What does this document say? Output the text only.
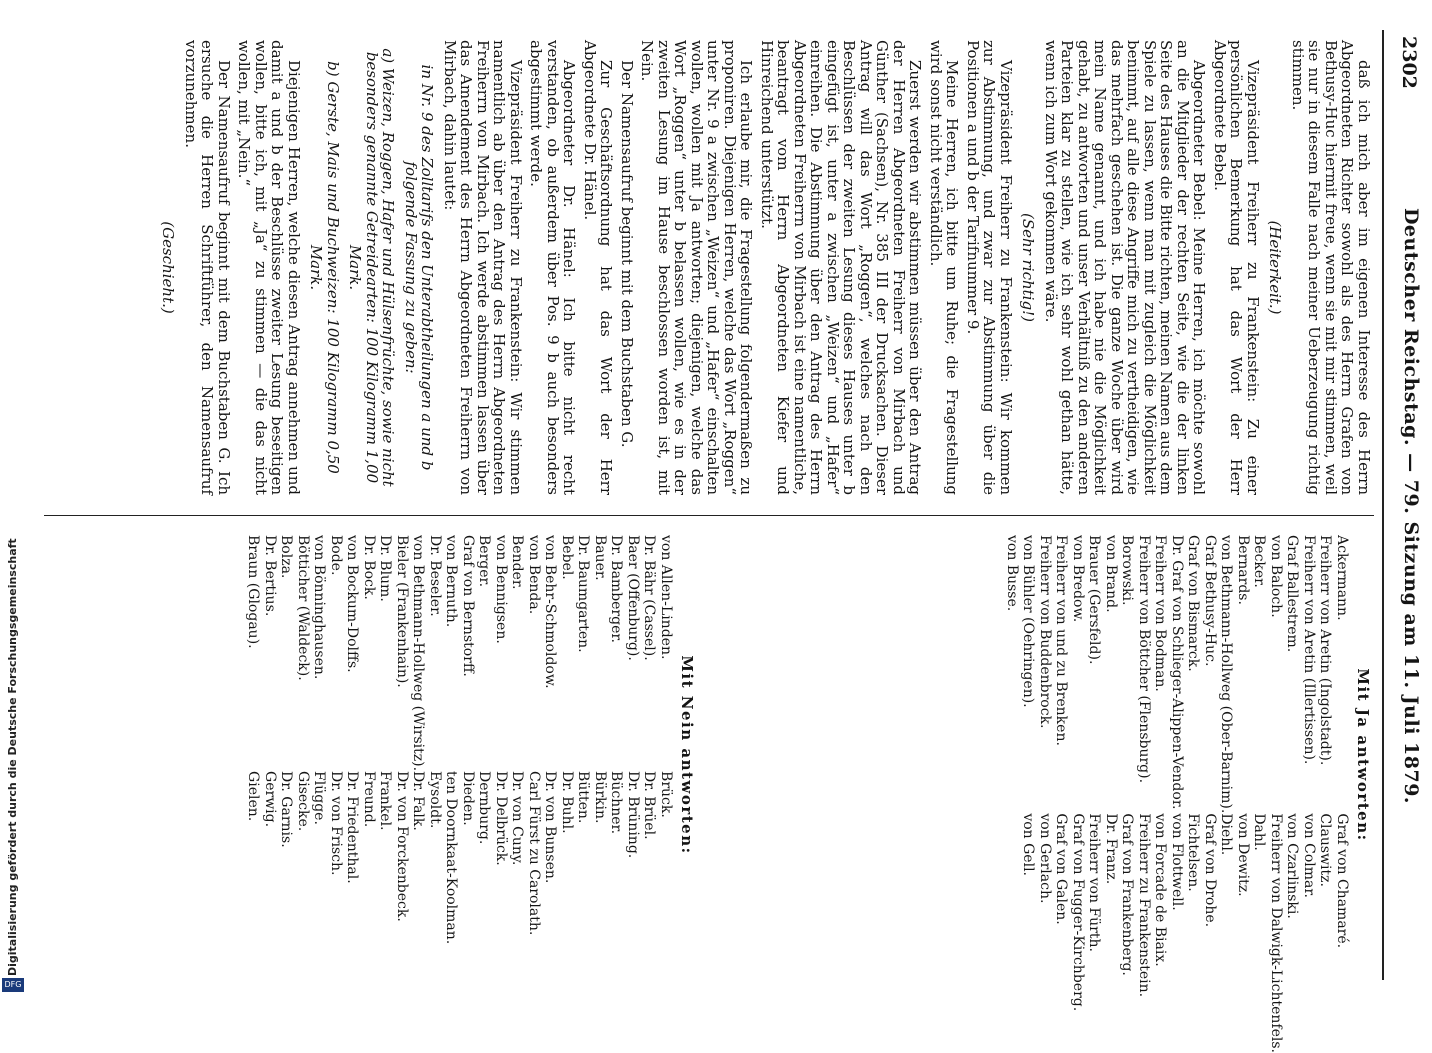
Digitalisierung gefördert durch die Deutsche Forschungsgemeinschaft
DFG
2302
Deutscher Reichstag. — 79. Sitzung am 11. Juli 1879.

daß ich mich aber im eigenen Interesse des Herrn Abgeordneten Richter sowohl als des Herrn Grafen von Bethusy-Huc hiermit freue, wenn sie mit mir stimmen, weil sie nur in diesem Falle nach meiner Ueberzeugung richtig stimmen.

(Heiterkeit.)

Vizepräsident Freiherr zu Frankenstein: Zu einer persönlichen Bemerkung hat das Wort der Herr Abgeordnete Bebel.

Abgeordneter Bebel: Meine Herren, ich möchte sowohl an die Mitglieder der rechten Seite, wie die der linken Seite des Hauses die Bitte richten, meinen Namen aus dem Spiele zu lassen, wenn man mit zugleich die Möglichkeit benimmt, auf alle diese Angriffe mich zu vertheidigen, wie das mehrfach geschehen ist. Die ganze Woche über wird mein Name genannt, und ich habe nie die Möglichkeit gehabt, zu antworten und unser Verhältniß zu den anderen Parteien klar zu stellen, wie ich sehr wohl gethan hätte, wenn ich zum Wort gekommen wäre.

(Sehr richtig!)

Vizepräsident Freiherr zu Frankenstein: Wir kommen zur Abstimmung, und zwar zur Abstimmung über die Positionen a und b der Tarifnummer 9.

Meine Herren, ich bitte um Ruhe; die Fragestellung wird sonst nicht verständlich.

Zuerst werden wir abstimmen müssen über den Antrag der Herren Abgeordneten Freiherr von Mirbach und Günther (Sachsen), Nr. 385 III der Drucksachen. Dieser Antrag will das Wort „Roggen“, welches nach den Beschlüssen der zweiten Lesung dieses Hauses unter b eingefügt ist, unter a zwischen „Weizen“ und „Hafer“ einreihen. Die Abstimmung über den Antrag des Herrn Abgeordneten Freiherrn von Mirbach ist eine namentliche, beantragt vom Herrn Abgeordneten Kiefer und Hinreichend unterstützt.

Ich erlaube mir, die Fragestellung folgendermaßen zu proponiren. Diejenigen Herren, welche das Wort „Roggen“ unter Nr. 9 a zwischen „Weizen“ und „Hafer“ einschalten wollen, wollen mit Ja antworten; diejenigen, welche das Wort „Roggen“ unter b belassen wollen, wie es in der zweiten Lesung im Hause beschlossen worden ist, mit Nein.

Der Namensaufruf beginnt mit dem Buchstaben G.

Zur Geschäftsordnung hat das Wort der Herr Abgeordnete Dr. Hänel.

Abgeordneter Dr. Hänel: Ich bitte nicht recht verstanden, ob außerdem über Pos. 9 b auch besonders abgestimmt werde.

Vizepräsident Freiherr zu Frankenstein: Wir stimmen namentlich ab über den Antrag des Herrn Abgeordneten Freiherrn von Mirbach. Ich werde abstimmen lassen über das Amendement des Herrn Abgeordneten Freiherrn von Mirbach, dahin lautet:

in Nr. 9 des Zolltarifs den Unterabtheilungen a und b folgende Fassung zu geben:

a) Weizen, Roggen, Hafer und Hülsenfrüchte, sowie nicht besonders genannte Getreidearten: 100 Kilogramm 1,00 Mark.

b) Gerste, Mais und Buchweizen: 100 Kilogramm 0,50 Mark.

Diejenigen Herren, welche diesen Antrag annehmen und damit a und b der Beschlüsse zweiter Lesung beseitigen wollen, bitte ich, mit „Ja“ zu stimmen — die das nicht wollen, mit „Nein.“

Der Namensaufruf beginnt mit dem Buchstaben G. Ich ersuche die Herren Schriftführer, den Namensaufruf vorzunehmen.

(Geschieht.)

Mit Ja antworten:
Ackermann.
Freiherr von Aretin (Ingolstadt).
Freiherr von Aretin (Illertissen).
Graf Ballestrem.
von Baloch.
Becker.
Bernards.
von Bethmann-Hollweg (Ober-Barnim).
Graf Bethusy-Huc.
Graf von Bismarck.
Dr. Graf von Schlieger-Alippen-Vendor.
Freiherr von Bodman.
Freiherr von Böttcher (Flensburg).
Borowski.
von Brand.
Brauer (Gersfeld).
von Bredow.
Freiherr von und zu Brenken.
Freiherr von Buddenbrock.
von Bühler (Oehringen).
von Busse.
Graf von Chamaré.
Clauswitz.
von Colmar.
von Czarlinski.
Freiherr von Dalwigk-Lichtenfels.
Dahl.
von Dewitz.
Diehl.
Graf von Drohe.
Fichtelsen.
von Flottwell.
von Forcade de Biaix.
Freiherr zu Frankenstein.
Graf von Frankenberg.
Dr. Franz.
Freiherr von Fürth.
Graf von Fugger-Kirchberg.
Graf von Galen.
von Gerlach.
von Gell.
Mit Nein antworten:
von Allen-Linden.
Dr. Bähr (Cassel).
Baer (Offenburg).
Dr. Bamberger.
Bauer.
Dr. Baumgarten.
Bebel.
von Behr-Schmoldow.
von Benda.
Bender.
von Bennigsen.
Berger.
Graf von Bernstorff.
von Bernuth.
Dr. Beseler.
von Bethmann-Hollweg (Wirsitz).
Bieler (Frankenhain).
Dr. Blum.
Dr. Bock.
von Bockum-Dolffs.
Bode.
von Bönninghausen.
Bötticher (Waldeck).
Bolza.
Dr. Bertius.
Braun (Glogau).
Brück.
Dr. Brüel.
Dr. Brüning.
Büchner.
Bürkin.
Bütten.
Dr. Buhl.
Dr. von Bunsen.
Carl Fürst zu Carolath.
Dr. von Cuny.
Dr. Delbrück.
Dernburg.
Dieden.
ten Doornkaat-Koolman.
Eysoldt.
Dr. Falk.
Dr. von Forckenbeck.
Frankel.
Freund.
Dr. Friedenthal.
Dr. von Frisch.
Flügge.
Gisecke.
Dr. Garnis.
Gerwig.
Gielen.
